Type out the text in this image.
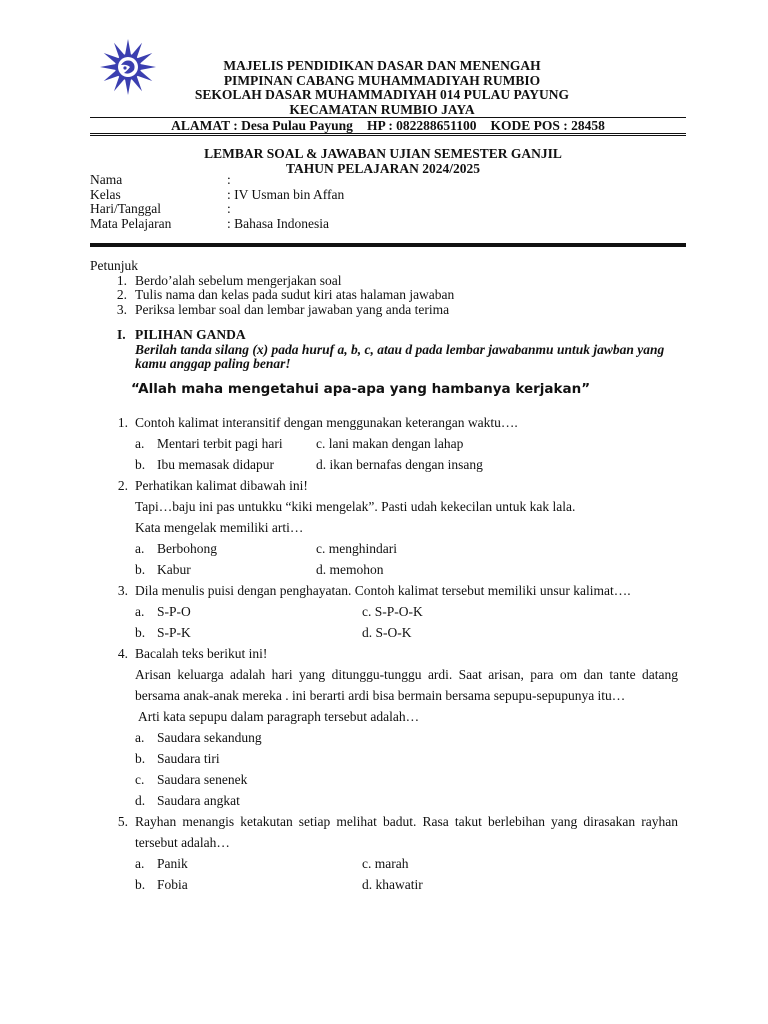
MAJELIS PENDIDIKAN DASAR DAN MENENGAH
PIMPINAN CABANG MUHAMMADIYAH RUMBIO
SEKOLAH DASAR MUHAMMADIYAH 014 PULAU PAYUNG
KECAMATAN RUMBIO JAYA
ALAMAT : Desa Pulau Payung HP : 082288651100 KODE POS : 28458
LEMBAR SOAL & JAWABAN UJIAN SEMESTER GANJIL
TAHUN PELAJARAN 2024/2025
Nama	:
Kelas	: IV Usman bin Affan
Hari/Tanggal	:
Mata Pelajaran	: Bahasa Indonesia
Petunjuk
1. Berdo’alah sebelum mengerjakan soal
2. Tulis nama dan kelas pada sudut kiri atas halaman jawaban
3. Periksa lembar soal dan lembar jawaban yang anda terima
I. PILIHAN GANDA
Berilah tanda silang (x) pada huruf a, b, c, atau d pada lembar jawabanmu untuk jawban yang kamu anggap paling benar!
“Allah maha mengetahui apa-apa yang hambanya kerjakan”
1. Contoh kalimat interansitif dengan menggunakan keterangan waktu….
a. Mentari terbit pagi hari c. lani makan dengan lahap
b. Ibu memasak didapur	d. ikan bernafas dengan insang
2. Perhatikan kalimat dibawah ini!
Tapi…baju ini pas untukku “kiki mengelak”. Pasti udah kekecilan untuk kak lala.
Kata mengelak memiliki arti…
a. Berbohong	c. menghindari
b. Kabur	d. memohon
3. Dila menulis puisi dengan penghayatan. Contoh kalimat tersebut memiliki unsur kalimat….
a. S-P-O	c. S-P-O-K
b. S-P-K	d. S-O-K
4. Bacalah teks berikut ini!
Arisan keluarga adalah hari yang ditunggu-tunggu ardi. Saat arisan, para om dan tante datang bersama anak-anak mereka . ini berarti ardi bisa bermain bersama sepupu-sepupunya itu…
Arti kata sepupu dalam paragraph tersebut adalah…
a. Saudara sekandung
b. Saudara tiri
c. Saudara senenek
d. Saudara angkat
5. Rayhan menangis ketakutan setiap melihat badut. Rasa takut berlebihan yang dirasakan rayhan tersebut adalah…
a. Panik	c. marah
b. Fobia	d. khawatir
